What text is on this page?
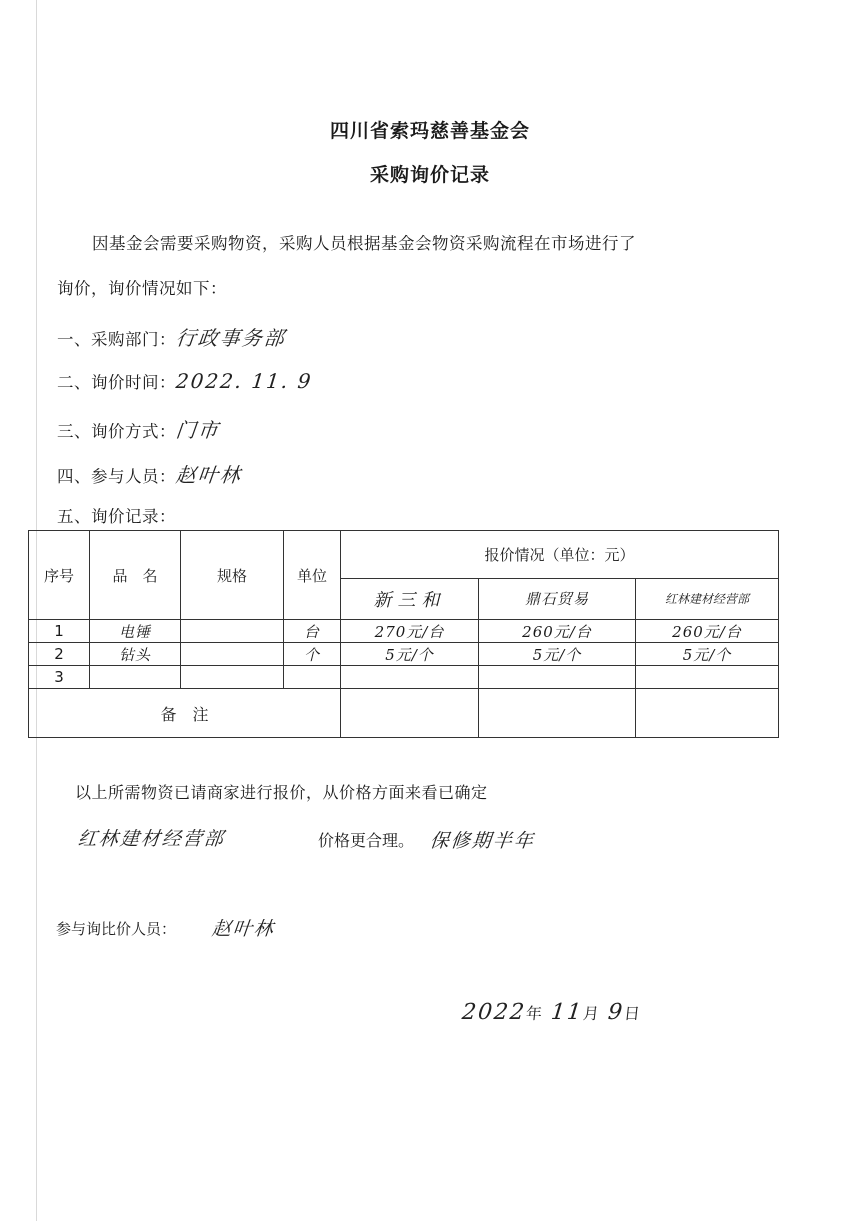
四川省索玛慈善基金会
采购询价记录
因基金会需要采购物资，采购人员根据基金会物资采购流程在市场进行了
询价，询价情况如下：
一、采购部门：行政事务部
二、询价时间：2022. 11. 9
三、询价方式：门市
四、参与人员：赵叶林
五、询价记录：
序号	品　名	规格	单位	报价情况（单位：元）		
				新三和	鼎石贸易	红林建材经营部
1	电锤		台	270元/台	260元/台	260元/台
2	钻头		个	5元/个	5元/个	5元/个
3						
备　注						
以上所需物资已请商家进行报价，从价格方面来看已确定
红林建材经营部	价格更合理。 保修期半年
参与询比价人员： 赵叶林
2022年 11月 9日
